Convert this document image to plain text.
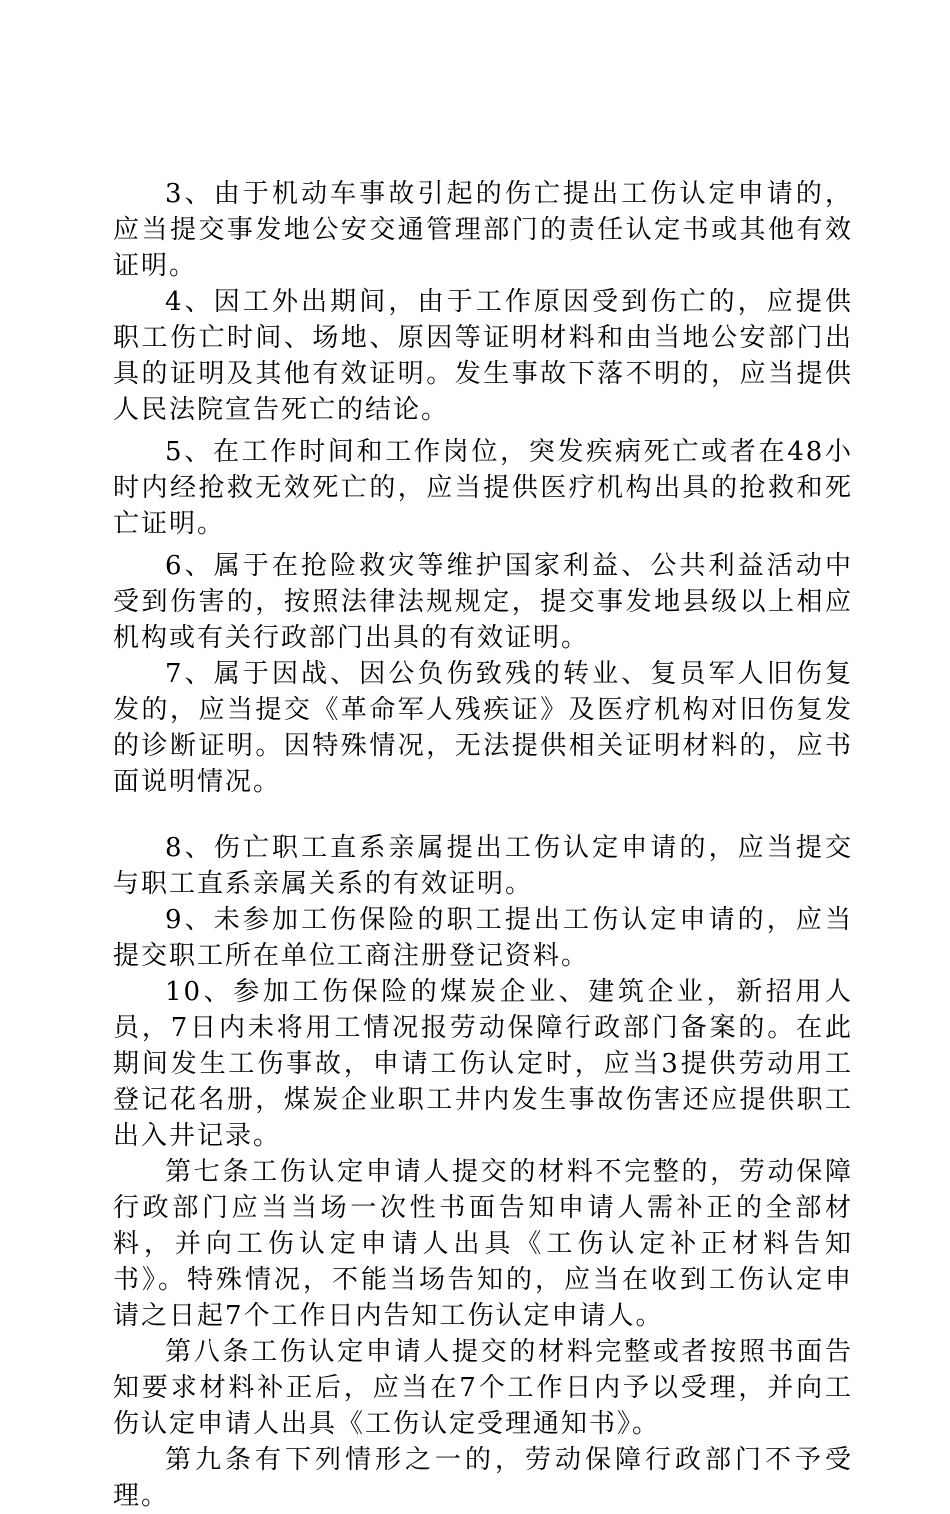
3、由于机动车事故引起的伤亡提出工伤认定申请的，应当提交事发地公安交通管理部门的责任认定书或其他有效证明。

4、因工外出期间，由于工作原因受到伤亡的，应提供职工伤亡时间、场地、原因等证明材料和由当地公安部门出具的证明及其他有效证明。发生事故下落不明的，应当提供人民法院宣告死亡的结论。

5、在工作时间和工作岗位，突发疾病死亡或者在48小时内经抢救无效死亡的，应当提供医疗机构出具的抢救和死亡证明。

6、属于在抢险救灾等维护国家利益、公共利益活动中受到伤害的，按照法律法规规定，提交事发地县级以上相应机构或有关行政部门出具的有效证明。

7、属于因战、因公负伤致残的转业、复员军人旧伤复发的，应当提交《革命军人残疾证》及医疗机构对旧伤复发的诊断证明。因特殊情况，无法提供相关证明材料的，应书面说明情况。

8、伤亡职工直系亲属提出工伤认定申请的，应当提交与职工直系亲属关系的有效证明。

9、未参加工伤保险的职工提出工伤认定申请的，应当提交职工所在单位工商注册登记资料。

10、参加工伤保险的煤炭企业、建筑企业，新招用人员，7日内未将用工情况报劳动保障行政部门备案的。在此期间发生工伤事故，申请工伤认定时，应当3提供劳动用工登记花名册，煤炭企业职工井内发生事故伤害还应提供职工出入井记录。

第七条工伤认定申请人提交的材料不完整的，劳动保障行政部门应当当场一次性书面告知申请人需补正的全部材料，并向工伤认定申请人出具《工伤认定补正材料告知书》。特殊情况，不能当场告知的，应当在收到工伤认定申请之日起7个工作日内告知工伤认定申请人。

第八条工伤认定申请人提交的材料完整或者按照书面告知要求材料补正后，应当在7个工作日内予以受理，并向工伤认定申请人出具《工伤认定受理通知书》。

第九条有下列情形之一的，劳动保障行政部门不予受理。
